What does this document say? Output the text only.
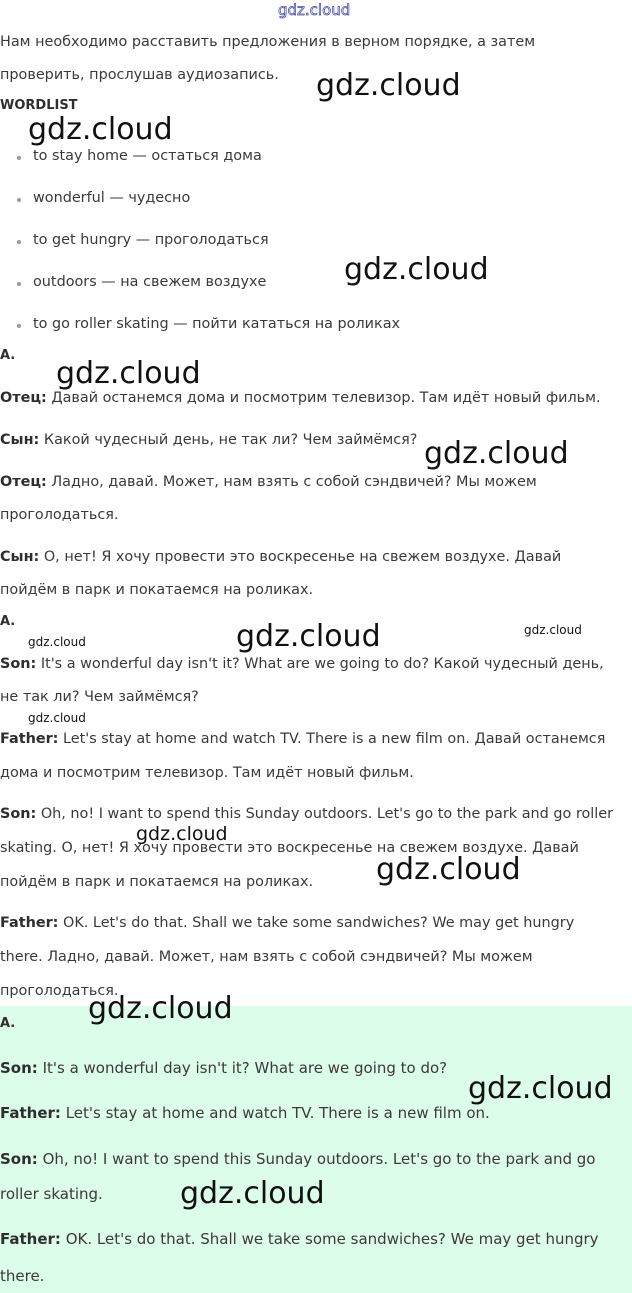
gdz.cloud
Нам необходимо расставить предложения в верном порядке, а затем
проверить, прослушав аудиозапись.
WORDLIST
to stay home — остаться дома
wonderful — чудесно
to get hungry — проголодаться
outdoors — на свежем воздухе
to go roller skating — пойти кататься на роликах
A.
Отец: Давай останемся дома и посмотрим телевизор. Там идёт новый фильм.
Сын: Какой чудесный день, не так ли? Чем займёмся?
Отец: Ладно, давай. Может, нам взять с собой сэндвичей? Мы можем
проголодаться.
Сын: О, нет! Я хочу провести это воскресенье на свежем воздухе. Давай
пойдём в парк и покатаемся на роликах.
A.
Son: It's a wonderful day isn't it? What are we going to do? Какой чудесный день,
не так ли? Чем займёмся?
Father: Let's stay at home and watch TV. There is a new film on. Давай останемся
дома и посмотрим телевизор. Там идёт новый фильм.
Son: Oh, no! I want to spend this Sunday outdoors. Let's go to the park and go roller
skating. О, нет! Я хочу провести это воскресенье на свежем воздухе. Давай
пойдём в парк и покатаемся на роликах.
Father: OK. Let's do that. Shall we take some sandwiches? We may get hungry
there. Ладно, давай. Может, нам взять с собой сэндвичей? Мы можем
проголодаться.
A.
Son: It's a wonderful day isn't it? What are we going to do?
Father: Let's stay at home and watch TV. There is a new film on.
Son: Oh, no! I want to spend this Sunday outdoors. Let's go to the park and go
roller skating.
Father: OK. Let's do that. Shall we take some sandwiches? We may get hungry
there.
gdz.cloud
gdz.cloud
gdz.cloud
gdz.cloud
gdz.cloud
gdz.cloud	gdz.cloud	gdz.cloud
gdz.cloud
gdz.cloud
gdz.cloud
gdz.cloud
gdz.cloud
gdz.cloud
